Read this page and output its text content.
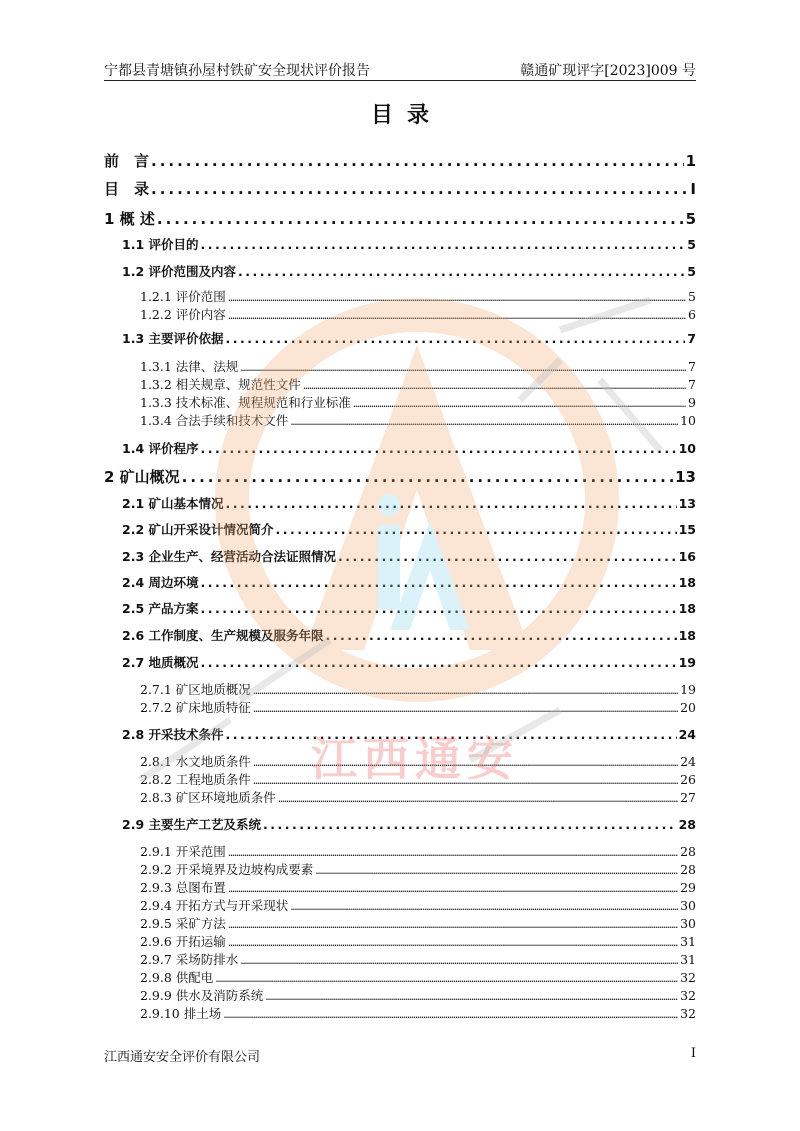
宁都县青塘镇孙屋村铁矿安全现状评价报告	赣通矿现评字[2023]009 号
目录
前　言 .....	1
目　录 .....	I
1 概 述 .....	5
1.1 评价目的 .....	5
1.2 评价范围及内容 .....	5
1.2.1 评价范围 .....	5
1.2.2 评价内容 .....	6
1.3 主要评价依据 .....	7
1.3.1 法律、法规 .....	7
1.3.2 相关规章、规范性文件 .....	7
1.3.3 技术标准、规程规范和行业标准 .....	9
1.3.4 合法手续和技术文件 .....	10
1.4 评价程序 .....	10
2 矿山概况 .....	13
2.1 矿山基本情况 .....	13
2.2 矿山开采设计情况简介 .....	15
2.3 企业生产、经营活动合法证照情况 .....	16
2.4 周边环境 .....	18
2.5 产品方案 .....	18
2.6 工作制度、生产规模及服务年限 .....	18
2.7 地质概况 .....	19
2.7.1 矿区地质概况 .....	19
2.7.2 矿床地质特征 .....	20
2.8 开采技术条件 .....	24
2.8.1 水文地质条件 .....	24
2.8.2 工程地质条件 .....	26
2.8.3 矿区环境地质条件 .....	27
2.9 主要生产工艺及系统 .....	28
2.9.1 开采范围 .....	28
2.9.2 开采境界及边坡构成要素 .....	28
2.9.3 总图布置 .....	29
2.9.4 开拓方式与开采现状 .....	30
2.9.5 采矿方法 .....	30
2.9.6 开拓运输 .....	31
2.9.7 采场防排水 .....	31
2.9.8 供配电 .....	32
2.9.9 供水及消防系统 .....	32
2.9.10 排土场 .....	32
江西通安
江西通安安全评价有限公司	I
